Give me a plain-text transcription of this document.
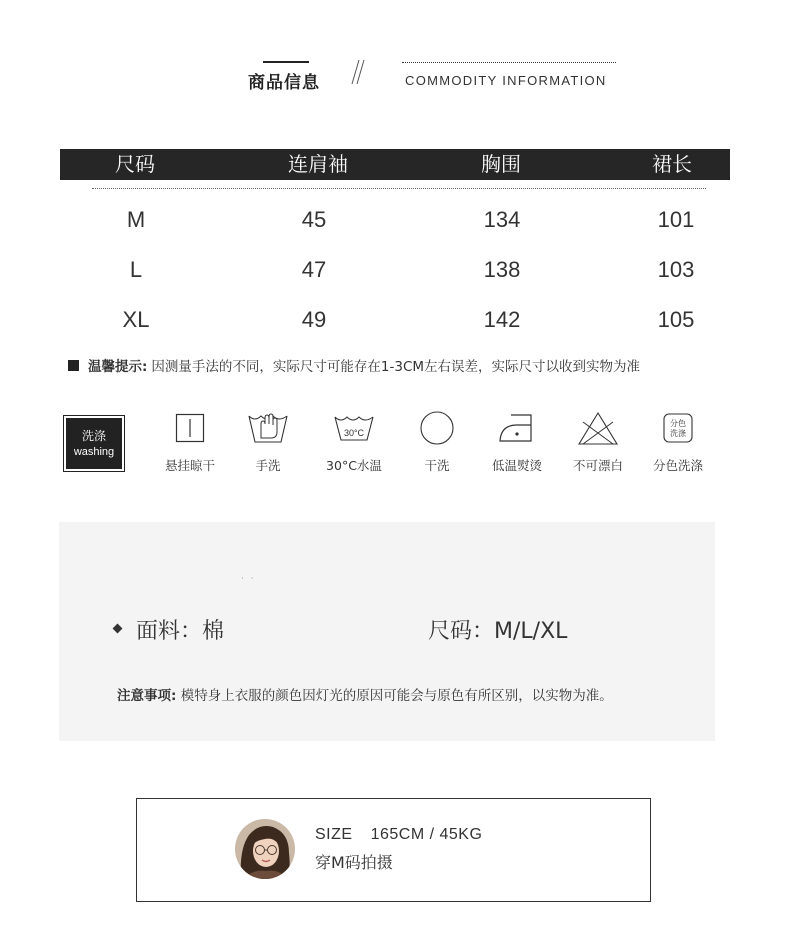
商品信息	COMMODITY INFORMATION
尺码	连肩袖	胸围	裙长
M	45	134	101
L	47	138	103
XL	49	142	105
温馨提示: 因测量手法的不同，实际尺寸可能存在1-3CM左右误差，实际尺寸以收到实物为准
洗涤
washing
悬挂晾干	手洗
30°C
30°C水温	干洗	低温熨烫	不可漂白
分色
洗涤
分色洗涤
· ·
面料：棉	尺码：M/L/XL
注意事项: 模特身上衣服的颜色因灯光的原因可能会与原色有所区别，以实物为准。
SIZE 165CM / 45KG
穿M码拍摄
